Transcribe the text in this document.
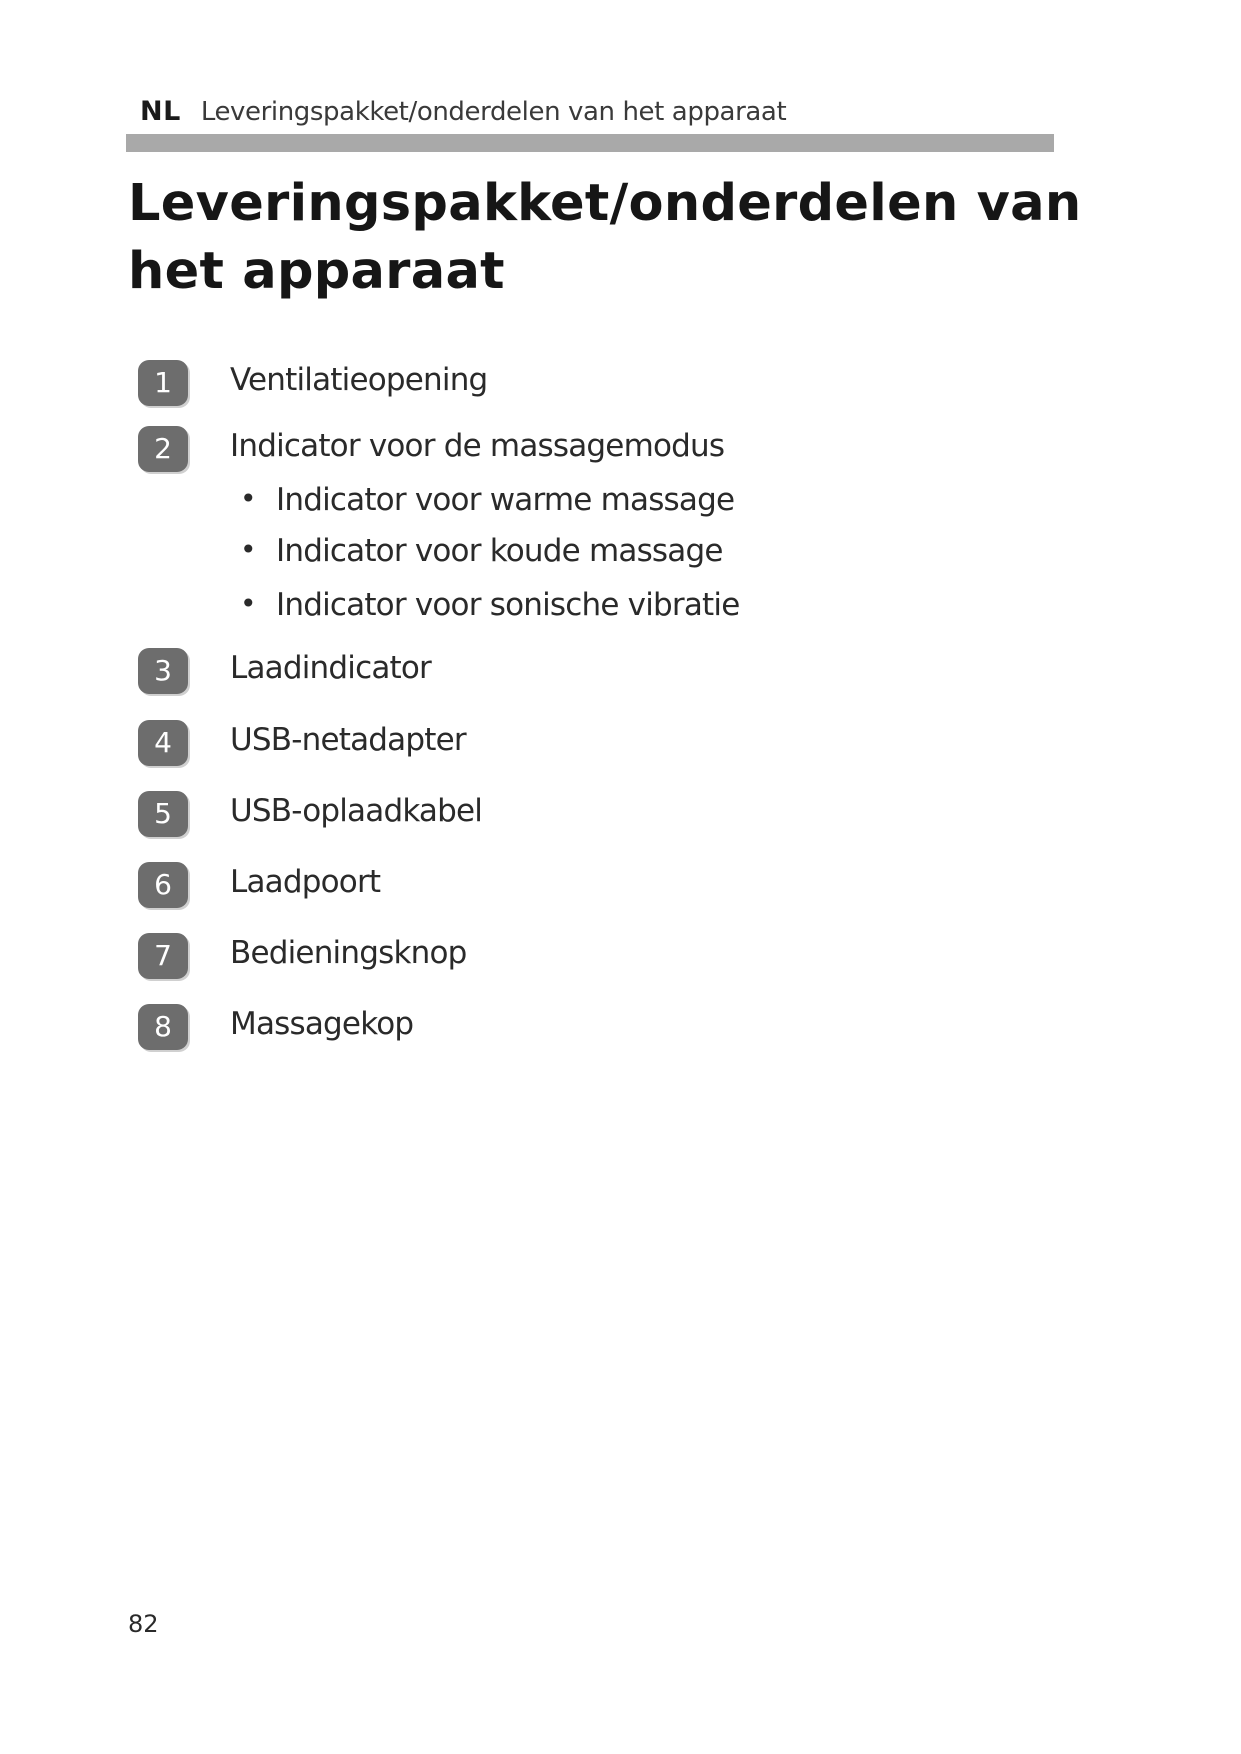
NL Leveringspakket/onderdelen van het apparaat
Leveringspakket/onderdelen van het apparaat
1	Ventilatieopening
2	Indicator voor de massagemodus
• Indicator voor warme massage
• Indicator voor koude massage
• Indicator voor sonische vibratie
3	Laadindicator
4	USB-netadapter
5	USB-oplaadkabel
6	Laadpoort
7	Bedieningsknop
8	Massagekop
82
